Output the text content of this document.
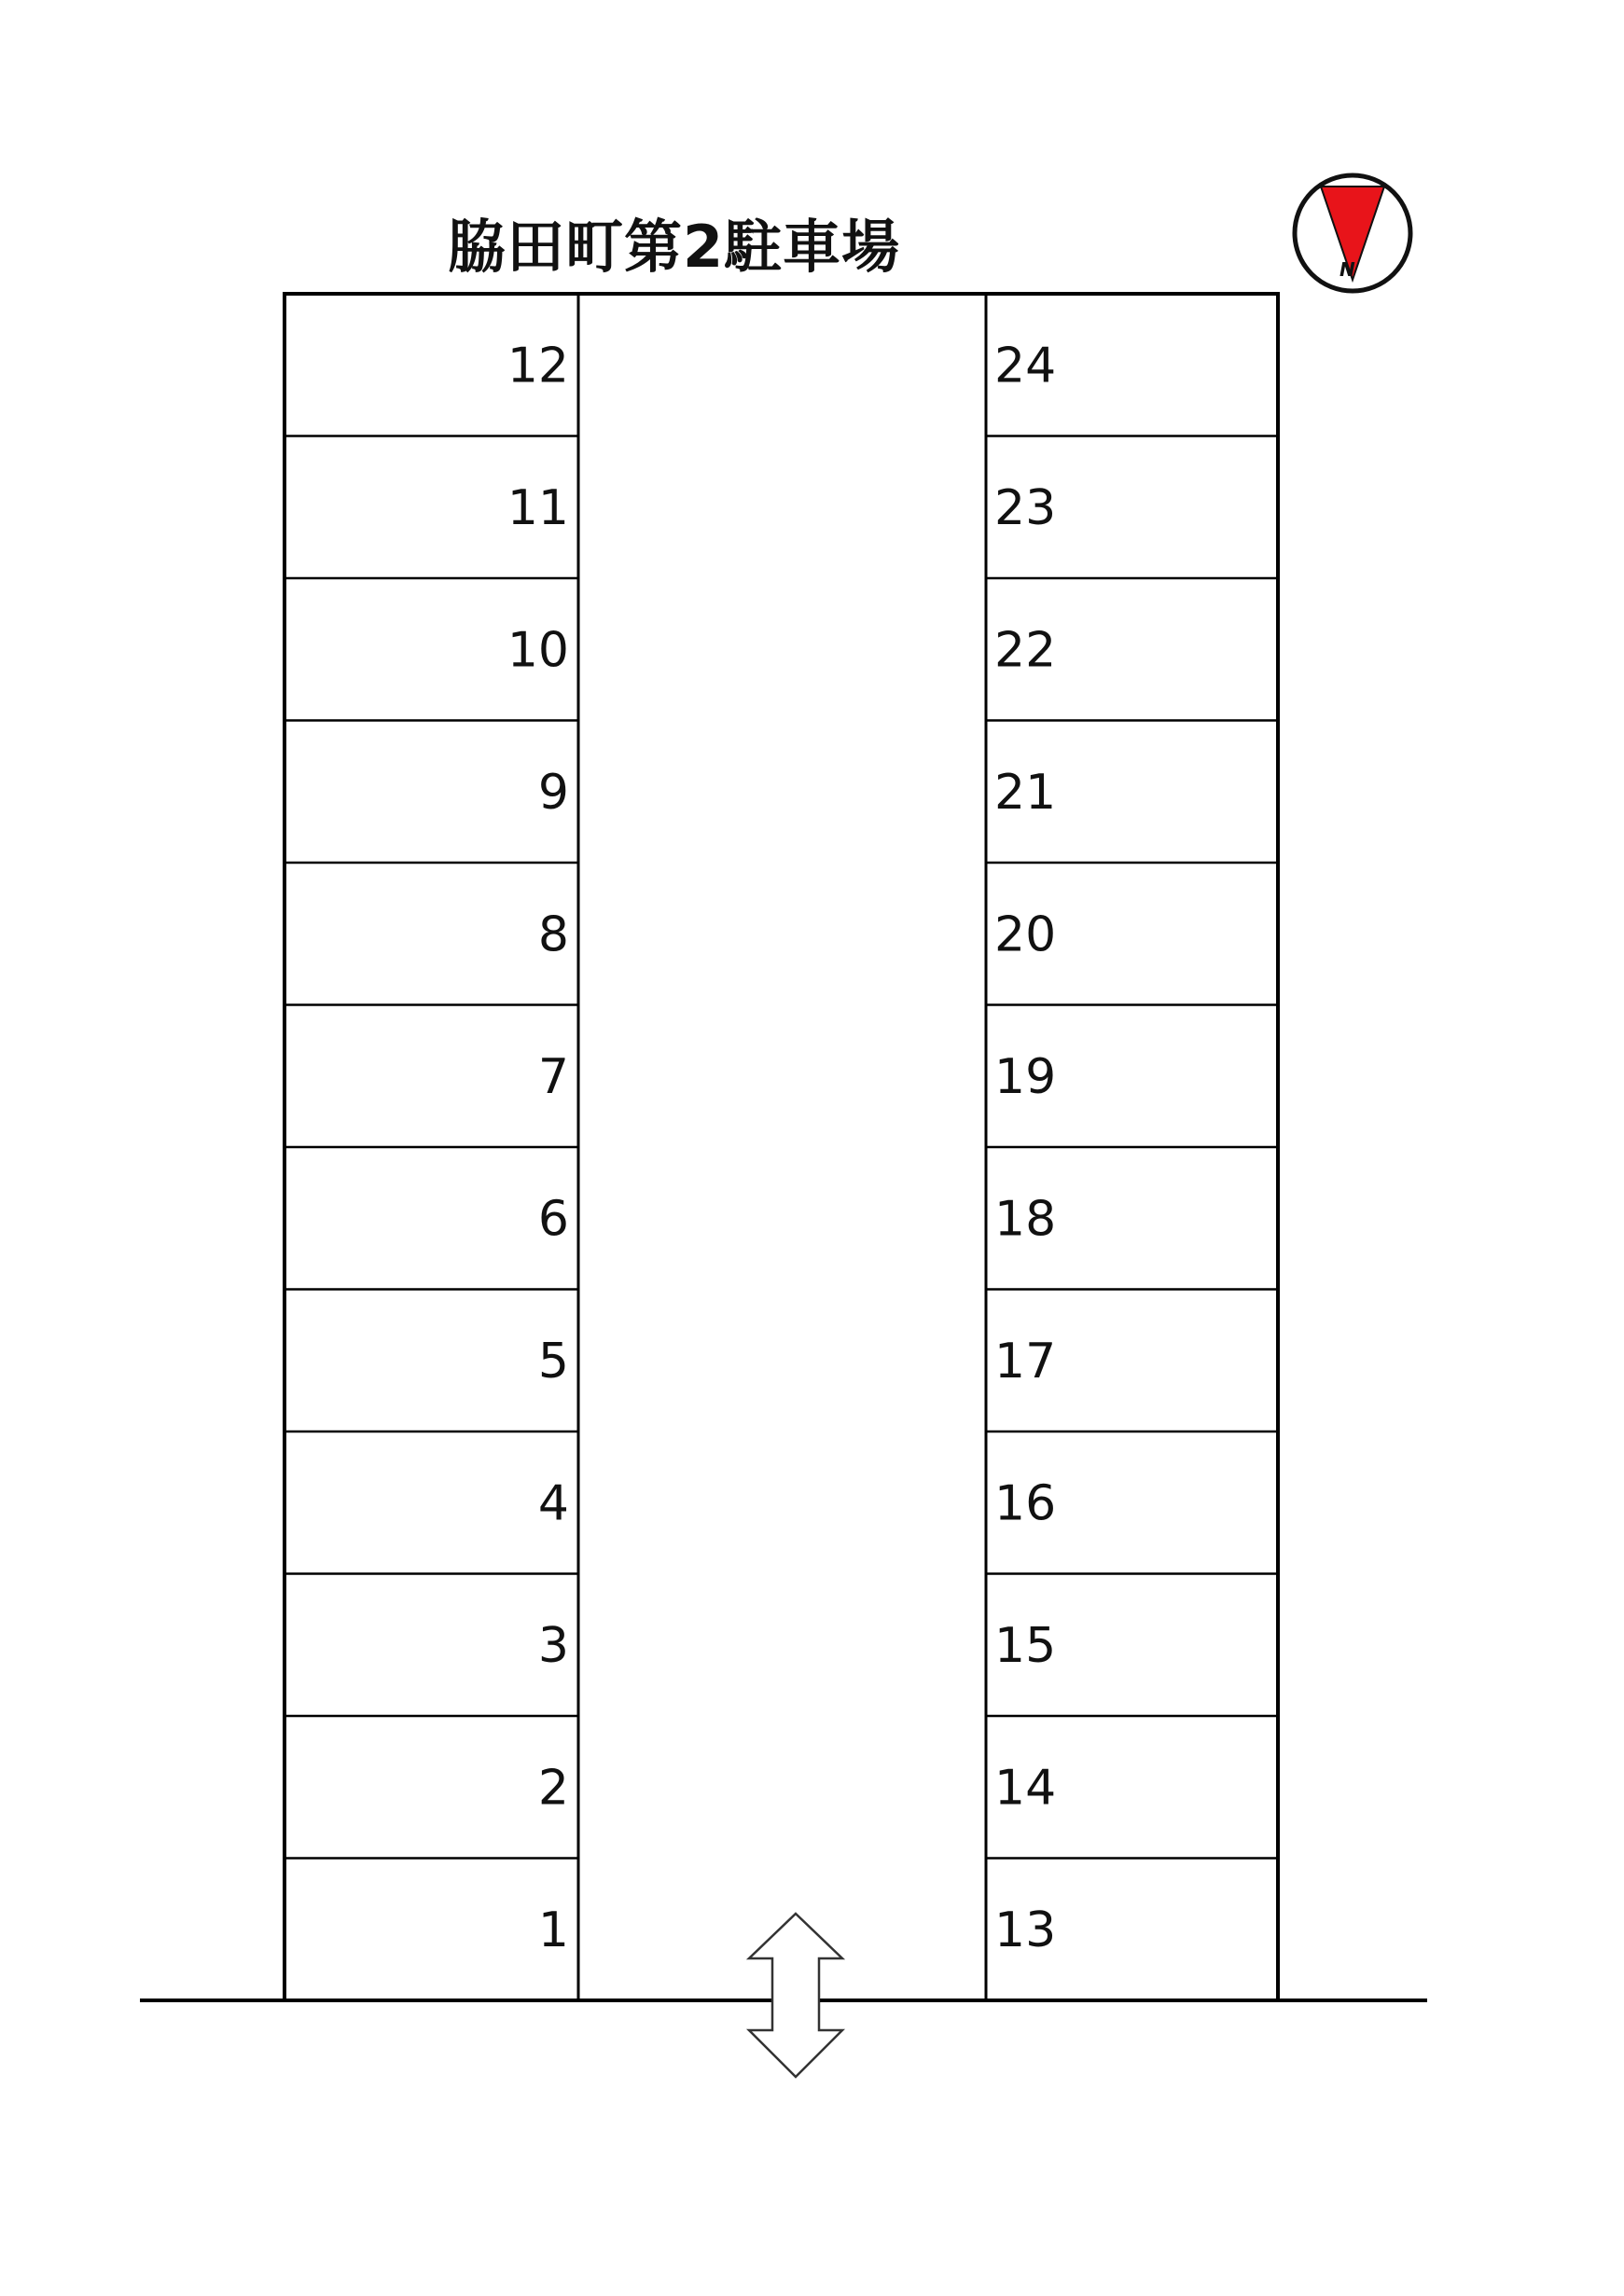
脇田町第2駐車場
12
11
10
9
8
7
6
5
4
3
2
1
24
23
22
21
20
19
18
17
16
15
14
13
N
